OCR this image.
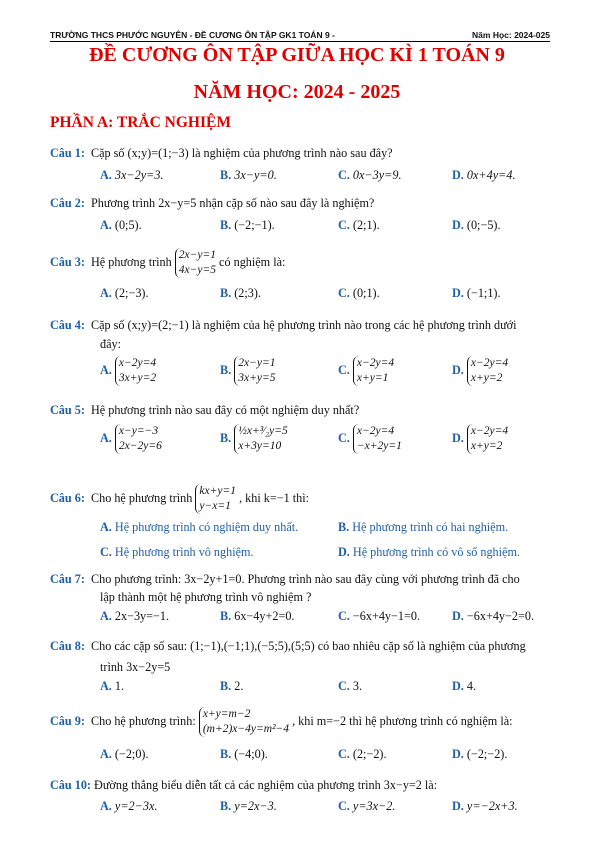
TRƯỜNG THCS PHƯỚC NGUYÊN - ĐỀ CƯƠNG ÔN TẬP GK1 TOÁN 9 -	Năm Học: 2024-025
ĐỀ CƯƠNG ÔN TẬP GIỮA HỌC KÌ 1 TOÁN 9
NĂM HỌC: 2024 - 2025
PHẦN A: TRẮC NGHIỆM
Câu 1: Cặp số (x;y)=(1;−3) là nghiệm của phương trình nào sau đây?
A. 3x−2y=3.	B. 3x−y=0.	C. 0x−3y=9.	D. 0x+4y=4.
Câu 2: Phương trình 2x−y=5 nhận cặp số nào sau đây là nghiệm?
A. (0;5).	B. (−2;−1).	C. (2;1).	D. (0;−5).
Câu 3: Hệ phương trình 2x−y=1
4x−y=5 có nghiệm là:
A. (2;−3).	B. (2;3).	C. (0;1).	D. (−1;1).
Câu 4: Cặp số (x;y)=(2;−1) là nghiệm của hệ phương trình nào trong các hệ phương trình dưới
đây:
A. x−2y=4
3x+y=2
B. 2x−y=1
3x+y=5
C. x−2y=4
x+y=1
D. x−2y=4
x+y=2
Câu 5: Hệ phương trình nào sau đây có một nghiệm duy nhất?
A. x−y=−3
2x−2y=6
B. ½x+³⁄₂y=5
x+3y=10
C. x−2y=4
−x+2y=1
D. x−2y=4
x+y=2
Câu 6: Cho hệ phương trình kx+y=1
y−x=1 , khi k=−1 thì:
A. Hệ phương trình có nghiệm duy nhất.	B. Hệ phương trình có hai nghiệm.
C. Hệ phương trình vô nghiệm.	D. Hệ phương trình có vô số nghiệm.
Câu 7: Cho phương trình: 3x−2y+1=0. Phương trình nào sau đây cùng với phương trình đã cho
lập thành một hệ phương trình vô nghiệm ?
A. 2x−3y=−1.	B. 6x−4y+2=0.	C. −6x+4y−1=0.	D. −6x+4y−2=0.
Câu 8: Cho các cặp số sau: (1;−1),(−1;1),(−5;5),(5;5) có bao nhiêu cặp số là nghiệm của phương
trình 3x−2y=5
A. 1.	B. 2.	C. 3.	D. 4.
Câu 9: Cho hệ phương trình: x+y=m−2
(m+2)x−4y=m²−4 , khi m=−2 thì hệ phương trình có nghiệm là:
A. (−2;0).	B. (−4;0).	C. (2;−2).	D. (−2;−2).
Câu 10: Đường thẳng biểu diễn tất cả các nghiệm của phương trình 3x−y=2 là:
A. y=2−3x.	B. y=2x−3.	C. y=3x−2.	D. y=−2x+3.
